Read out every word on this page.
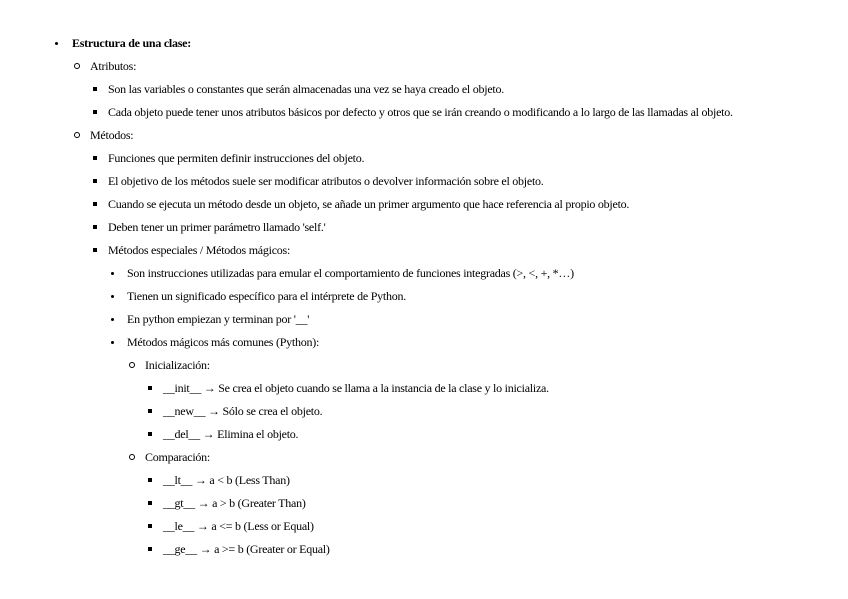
Estructura de una clase:
Atributos:
Son las variables o constantes que serán almacenadas una vez se haya creado el objeto.
Cada objeto puede tener unos atributos básicos por defecto y otros que se irán creando o modificando a lo largo de las llamadas al objeto.
Métodos:
Funciones que permiten definir instrucciones del objeto.
El objetivo de los métodos suele ser modificar atributos o devolver información sobre el objeto.
Cuando se ejecuta un método desde un objeto, se añade un primer argumento que hace referencia al propio objeto.
Deben tener un primer parámetro llamado 'self.'
Métodos especiales / Métodos mágicos:
Son instrucciones utilizadas para emular el comportamiento de funciones integradas (>, <, +, *…)
Tienen un significado específico para el intérprete de Python.
En python empiezan y terminan por '__'
Métodos mágicos más comunes (Python):
Inicialización:
__init__ → Se crea el objeto cuando se llama a la instancia de la clase y lo inicializa.
__new__ → Sólo se crea el objeto.
__del__ → Elimina el objeto.
Comparación:
__lt__ → a < b (Less Than)
__gt__ → a > b (Greater Than)
__le__ → a <= b (Less or Equal)
__ge__ → a >= b (Greater or Equal)
